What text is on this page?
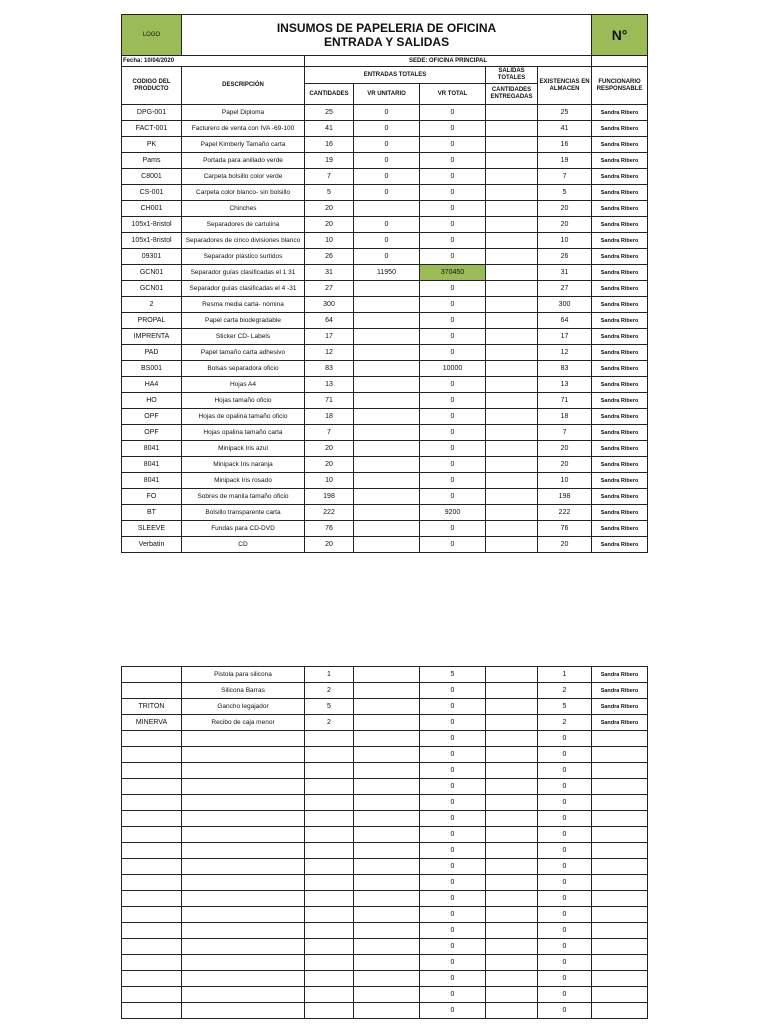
LOGO	INSUMOS DE PAPELERIA DE OFICINA
ENTRADA Y SALIDAS						N°
Fecha: 10/04/2020		SEDE: OFICINA PRINCIPAL					
CODIGO DEL PRODUCTO	DESCRIPCIÓN	ENTRADAS TOTALES			SALIDAS TOTALES	EXISTENCIAS EN ALMACEN	FUNCIONARIO RESPONSABLE
		CANTIDADES	VR UNITARIO	VR TOTAL	CANTIDADES ENTREGADAS		
DPG-001	Papel Diploma	25	0	0		25	Sandra Ribero
FACT-001	Facturero de venta con IVA -69-100	41	0	0		41	Sandra Ribero
PK	Papel Kimberly Tamaño carta	16	0	0		16	Sandra Ribero
Pams	Portada para anillado verde	19	0	0		19	Sandra Ribero
C8001	Carpeta bolsillo color verde	7	0	0		7	Sandra Ribero
CS-001	Carpeta color blanco- sin bolsillo	5	0	0		5	Sandra Ribero
CH001	Chinches	20		0		20	Sandra Ribero
105x1-8ristol	Separadores de cartulina	20	0	0		20	Sandra Ribero
105x1-8ristol	Separadores de cinco divisiones blanco	10	0	0		10	Sandra Ribero
09301	Separador plástico surtidos	26	0	0		26	Sandra Ribero
GCN01	Separador guías clasificadas el 1 31	31	11950	370450		31	Sandra Ribero
GCN01	Separador guías clasificadas el 4 -31	27		0		27	Sandra Ribero
2	Resma media carta- nómina	300		0		300	Sandra Ribero
PROPAL	Papel carta biodegradable	64		0		64	Sandra Ribero
IMPRENTA	Sticker CD- Labels	17		0		17	Sandra Ribero
PAD	Papel tamaño carta adhesivo	12		0		12	Sandra Ribero
BS001	Bolsas separadora oficio	83		10000		83	Sandra Ribero
HA4	Hojas A4	13		0		13	Sandra Ribero
HO	Hojas tamaño oficio	71		0		71	Sandra Ribero
OPF	Hojas de opalina tamaño oficio	18		0		18	Sandra Ribero
OPF	Hojas opalina tamaño carta	7		0		7	Sandra Ribero
8041	Minipack Iris azul	20		0		20	Sandra Ribero
8041	Minipack Iris naranja	20		0		20	Sandra Ribero
8041	Minipack Iris rosado	10		0		10	Sandra Ribero
FO	Sobres de manila tamaño oficio	198		0		198	Sandra Ribero
BT	Bolsillo transparente carta	222		9200		222	Sandra Ribero
SLEEVE	Fundas para CD-DVD	76		0		76	Sandra Ribero
Verbatin	CD	20		0		20	Sandra Ribero
	Pistola para silicona	1		5		1	Sandra Ribero
	Silicona Barras	2		0		2	Sandra Ribero
TRITON	Gancho legajador	5		0		5	Sandra Ribero
MINERVA	Recibo de caja menor	2		0		2	Sandra Ribero
				0		0	
				0		0	
				0		0	
				0		0	
				0		0	
				0		0	
				0		0	
				0		0	
				0		0	
				0		0	
				0		0	
				0		0	
				0		0	
				0		0	
				0		0	
				0		0	
				0		0	
				0		0	
